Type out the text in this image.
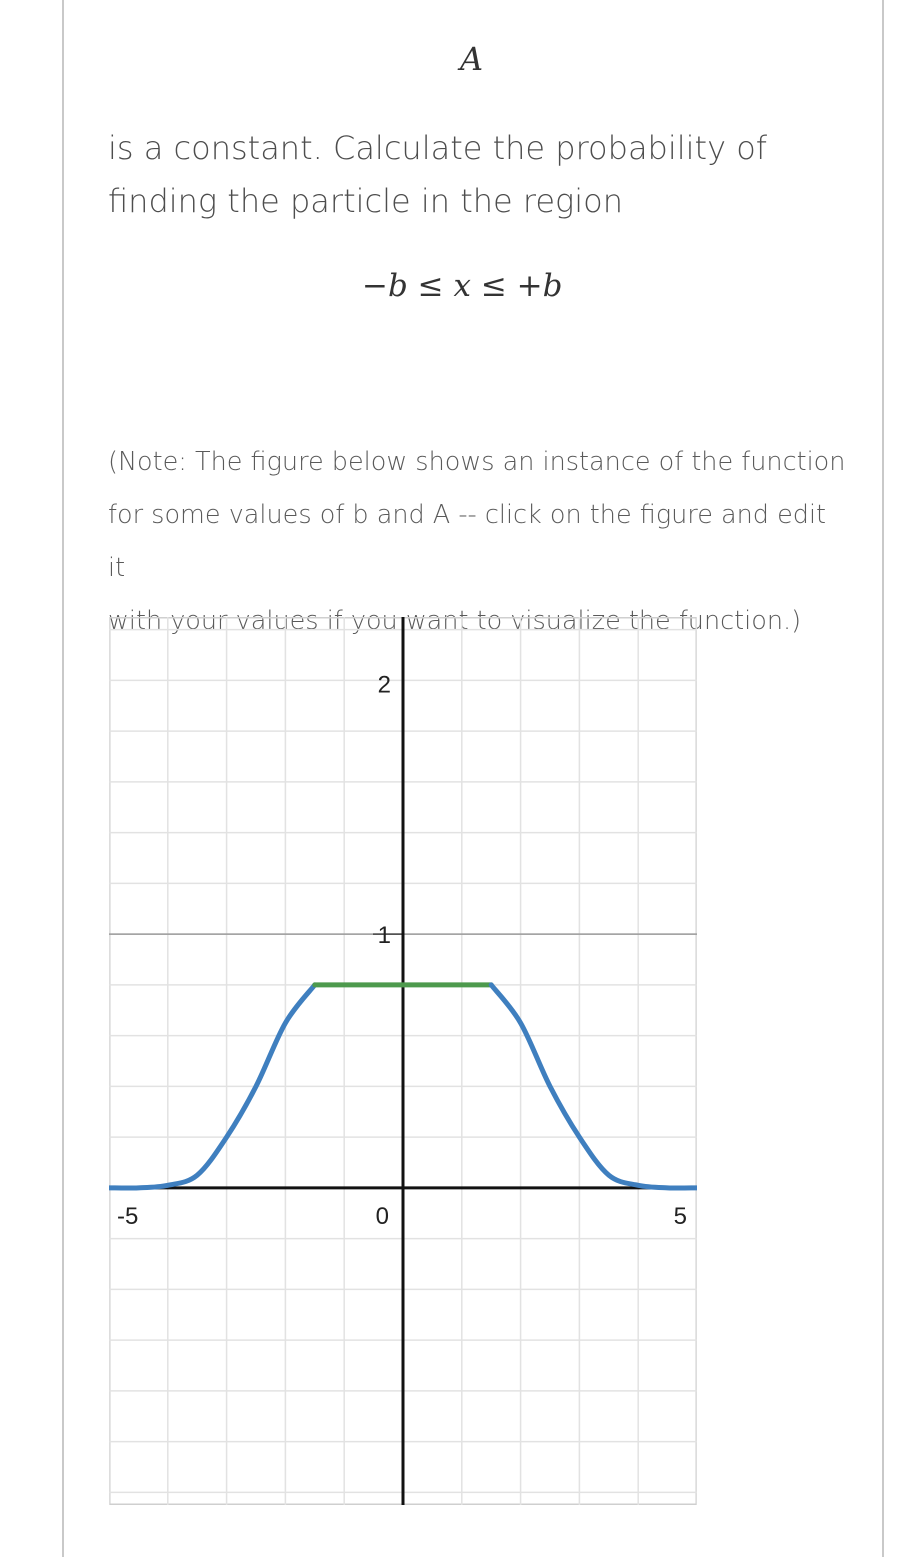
A
is a constant. Calculate the probability of
finding the particle in the region
−b ≤ x ≤ +b
(Note: The figure below shows an instance of the function
for some values of b and A -- click on the figure and edit it
with your values if you want to visualize the function.)
2
1
-5	0	5
